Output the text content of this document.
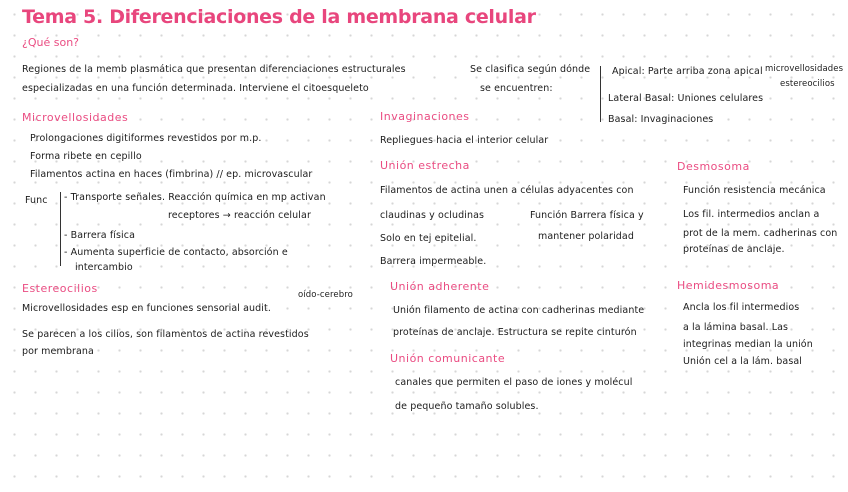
Tema 5. Diferenciaciones de la membrana celular
¿Qué son?
Regiones de la memb plasmática que presentan diferenciaciones estructurales
especializadas en una función determinada. Interviene el citoesqueleto
Se clasifica según dónde
se encuentren:
Apical: Parte arriba zona apical microvellosidades
estereocilios
Lateral Basal: Uniones celulares
Basal: Invaginaciones
Microvellosidades
Prolongaciones digitiformes revestidos por m.p.
Forma ribete en cepillo
Filamentos actina en haces (fimbrina) // ep. microvascular
Func - Transporte señales. Reacción química en mp activan
receptores → reacción celular
- Barrera física
- Aumenta superficie de contacto, absorción e
intercambio
Estereocilios	oído-cerebro
Microvellosidades esp en funciones sensorial audit.
Se parecen a los cilios, son filamentos de actina revestidos
por membrana
Invaginaciones
Repliegues hacia el interior celular
Unión estrecha
Filamentos de actina unen a células adyacentes con
claudinas y ocludinas	Función Barrera física y
Solo en tej epitelial.	mantener polaridad
Barrera impermeable.
Unión adherente
Unión filamento de actina con cadherinas mediante
proteínas de anclaje. Estructura se repite cinturón
Unión comunicante
canales que permiten el paso de iones y molécul
de pequeño tamaño solubles.
Desmosoma
Función resistencia mecánica
Los fil. intermedios anclan a
prot de la mem. cadherinas con
proteínas de anclaje.
Hemidesmosoma
Ancla los fil intermedios
a la lámina basal. Las
integrinas median la unión
Unión cel a la lám. basal
